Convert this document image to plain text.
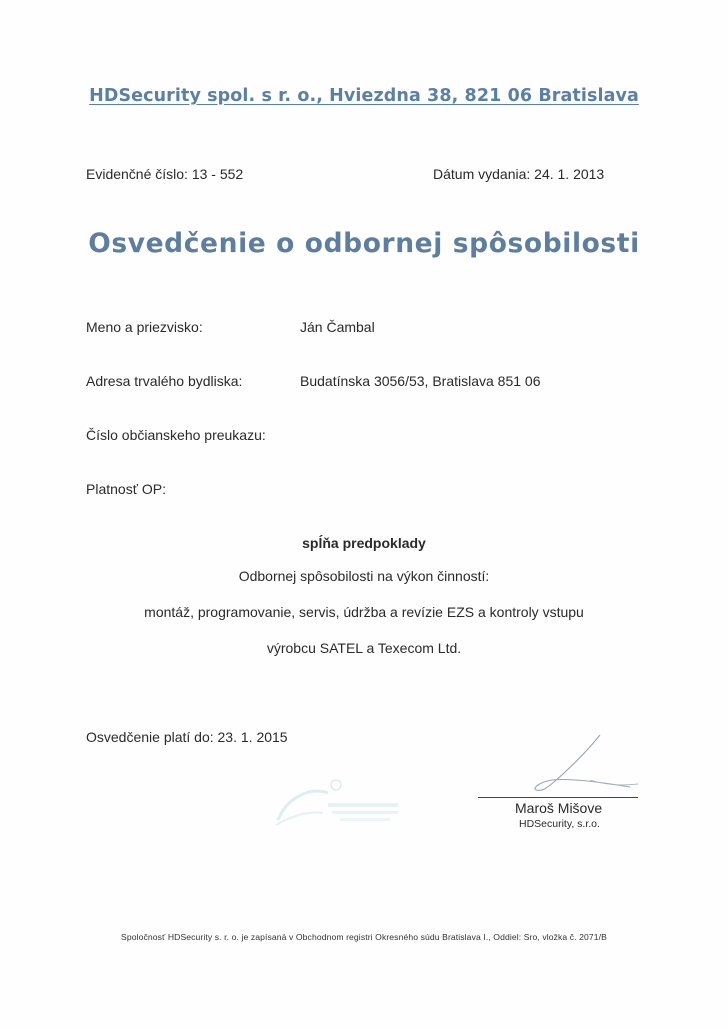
HDSecurity spol. s r. o., Hviezdna 38, 821 06 Bratislava
Evidenčné číslo: 13 - 552	Dátum vydania: 24. 1. 2013
Osvedčenie o odbornej spôsobilosti
Meno a priezvisko:	Ján Čambal
Adresa trvalého bydliska:	Budatínska 3056/53, Bratislava 851 06
Číslo občianskeho preukazu:
Platnosť OP:
spĺňa predpoklady
Odbornej spôsobilosti na výkon činností:
montáž, programovanie, servis, údržba a revízie EZS a kontroly vstupu
výrobcu SATEL a Texecom Ltd.
Osvedčenie platí do: 23. 1. 2015
Maroš Mišove
HDSecurity, s.r.o.
Spoločnosť HDSecurity s. r. o. je zapísaná v Obchodnom registri Okresného súdu Bratislava I., Oddiel: Sro, vložka č. 2071/B
